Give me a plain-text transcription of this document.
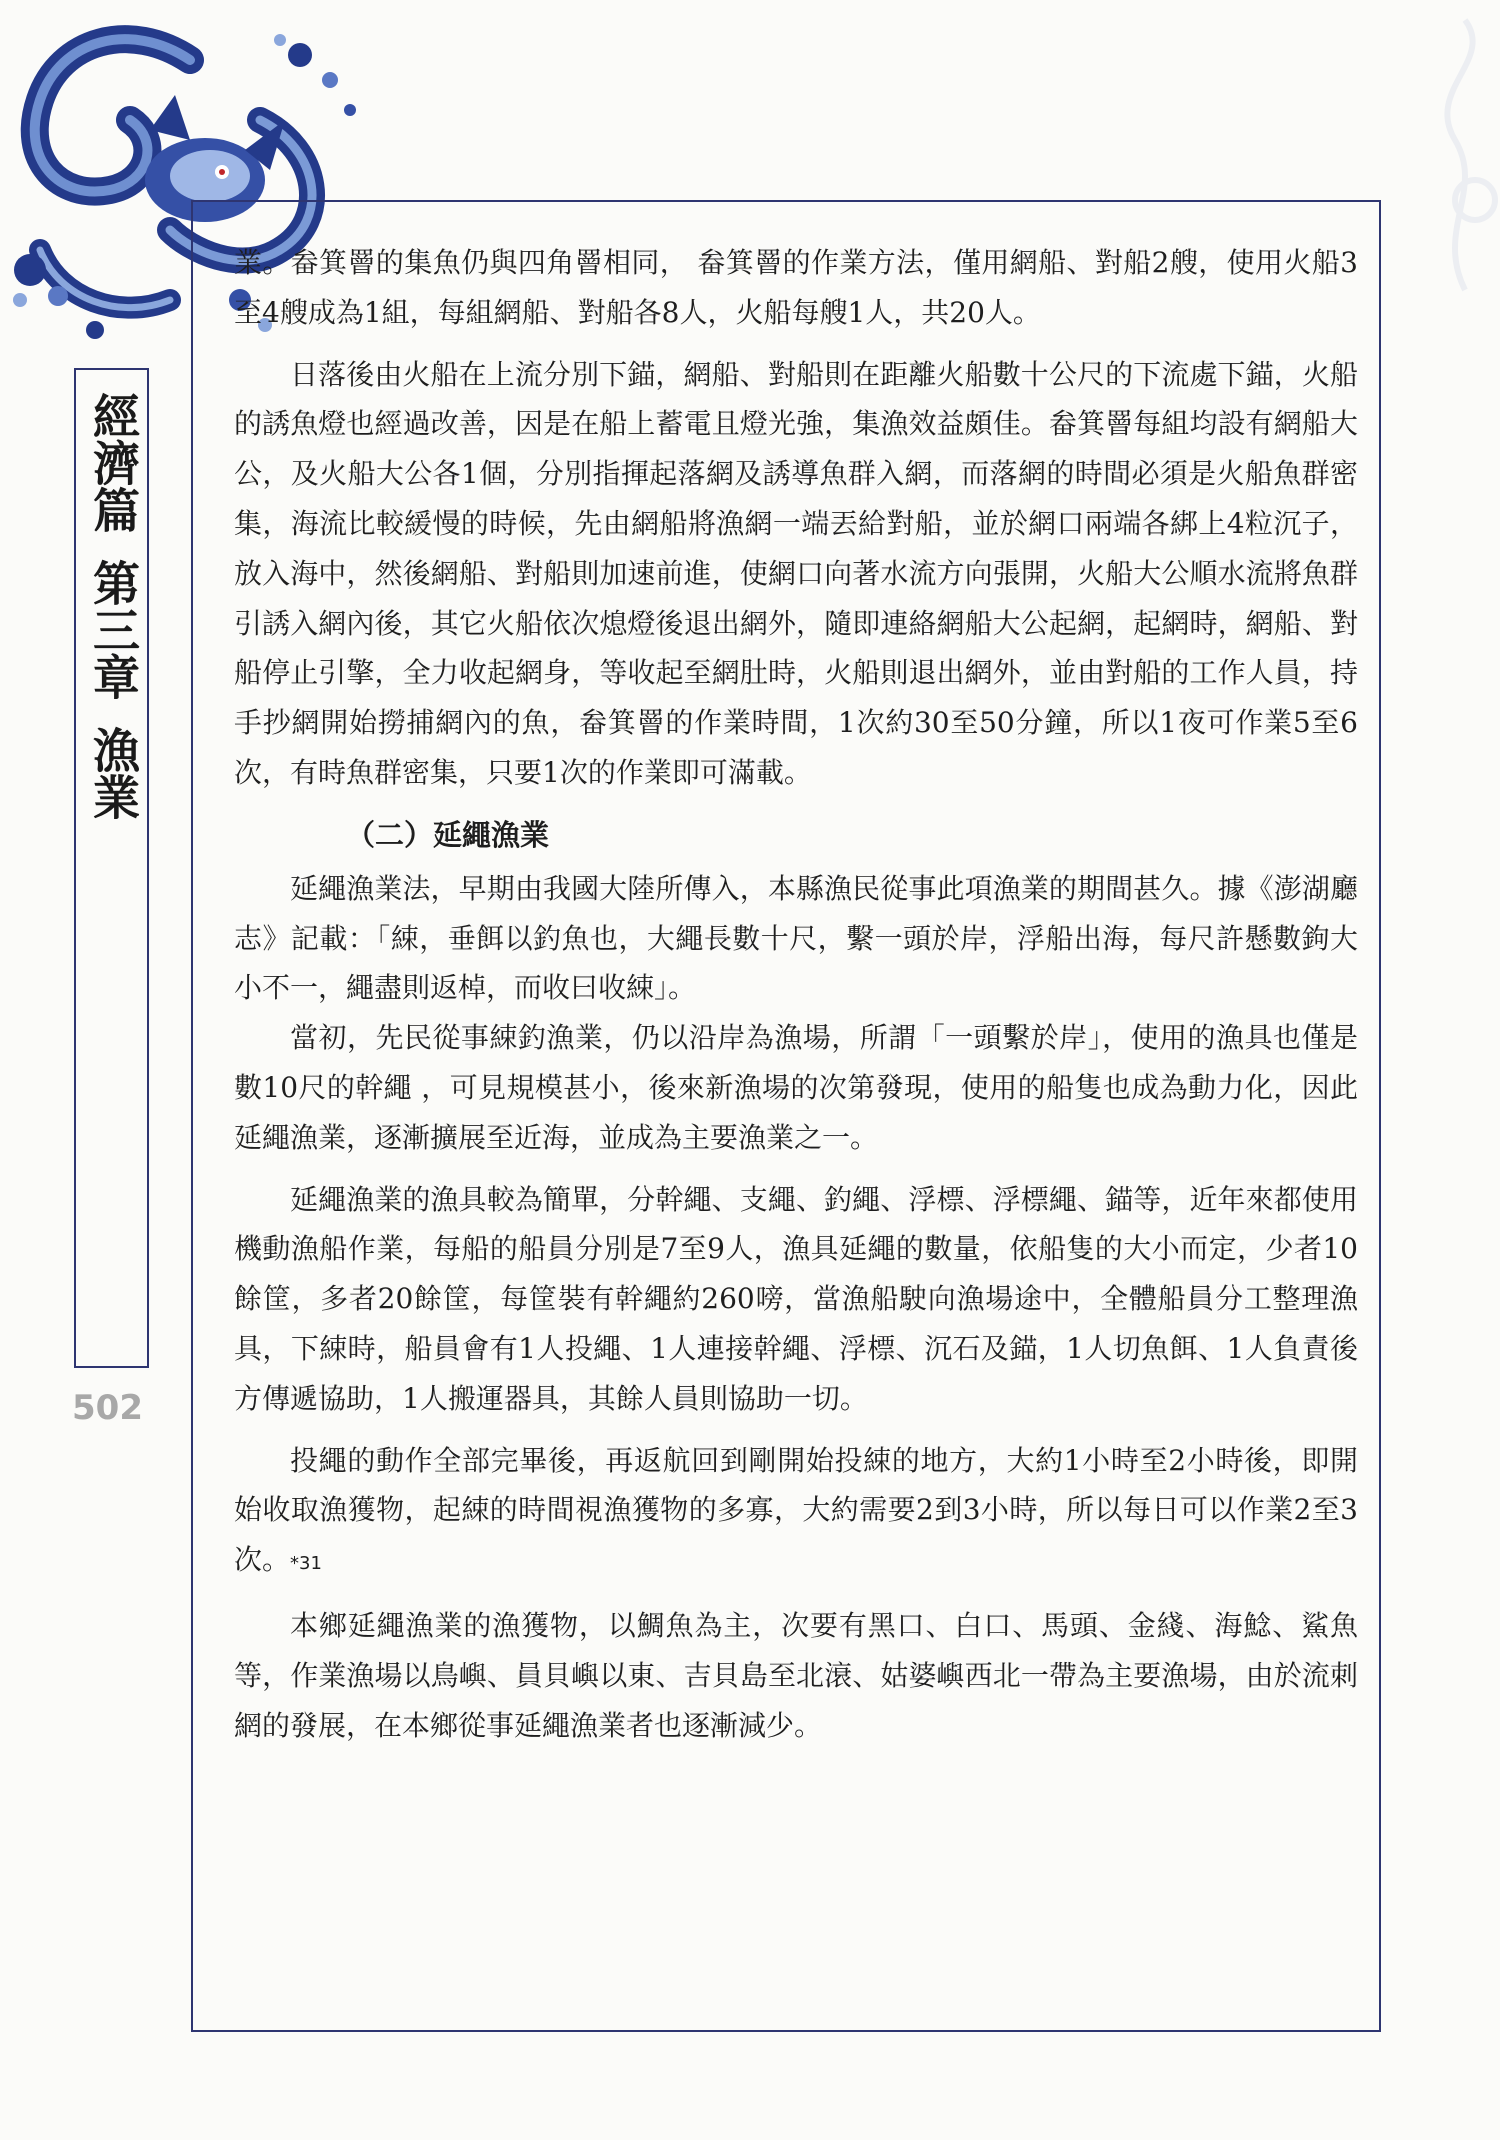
經濟篇第三章漁業
502

業。畚箕罾的集魚仍與四角罾相同， 畚箕罾的作業方法，僅用網船、對船2艘，使用火船3至4艘成為1組，每組網船、對船各8人，火船每艘1人，共20人。

日落後由火船在上流分別下錨，網船、對船則在距離火船數十公尺的下流處下錨，火船的誘魚燈也經過改善，因是在船上蓄電且燈光強，集漁效益頗佳。畚箕罾每組均設有網船大公，及火船大公各1個，分別指揮起落網及誘導魚群入網，而落網的時間必須是火船魚群密集，海流比較緩慢的時候，先由網船將漁網一端丟給對船，並於網口兩端各綁上4粒沉子，放入海中，然後網船、對船則加速前進，使網口向著水流方向張開，火船大公順水流將魚群引誘入網內後，其它火船依次熄燈後退出網外，隨即連絡網船大公起網，起網時，網船、對船停止引擎，全力收起網身，等收起至網肚時，火船則退出網外，並由對船的工作人員，持手抄網開始撈捕網內的魚，畚箕罾的作業時間，1次約30至50分鐘，所以1夜可作業5至6次，有時魚群密集，只要1次的作業即可滿載。

（二）延繩漁業

延繩漁業法，早期由我國大陸所傳入，本縣漁民從事此項漁業的期間甚久。據《澎湖廳志》記載：「綀，垂餌以釣魚也，大繩長數十尺，繫一頭於岸，浮船出海，每尺許懸數鉤大小不一，繩盡則返棹，而收曰收綀」。

當初，先民從事綀釣漁業，仍以沿岸為漁場，所謂「一頭繫於岸」，使用的漁具也僅是數10尺的幹繩 ，可見規模甚小，後來新漁場的次第發現，使用的船隻也成為動力化，因此延繩漁業，逐漸擴展至近海，並成為主要漁業之一。

延繩漁業的漁具較為簡單，分幹繩、支繩、釣繩、浮標、浮標繩、錨等，近年來都使用機動漁船作業，每船的船員分別是7至9人，漁具延繩的數量，依船隻的大小而定，少者10餘筐，多者20餘筐，每筐裝有幹繩約260嗙，當漁船駛向漁場途中，全體船員分工整理漁具，下綀時，船員會有1人投繩、1人連接幹繩、浮標、沉石及錨，1人切魚餌、1人負責後方傳遞協助，1人搬運器具，其餘人員則協助一切。

投繩的動作全部完畢後，再返航回到剛開始投綀的地方，大約1小時至2小時後，即開始收取漁獲物，起綀的時間視漁獲物的多寡，大約需要2到3小時，所以每日可以作業2至3次。*31

本鄉延繩漁業的漁獲物，以鯛魚為主，次要有黑口、白口、馬頭、金綫、海鯰、鯊魚等，作業漁場以鳥嶼、員貝嶼以東、吉貝島至北滖、姑婆嶼西北一帶為主要漁場，由於流刺網的發展，在本鄉從事延繩漁業者也逐漸減少。
